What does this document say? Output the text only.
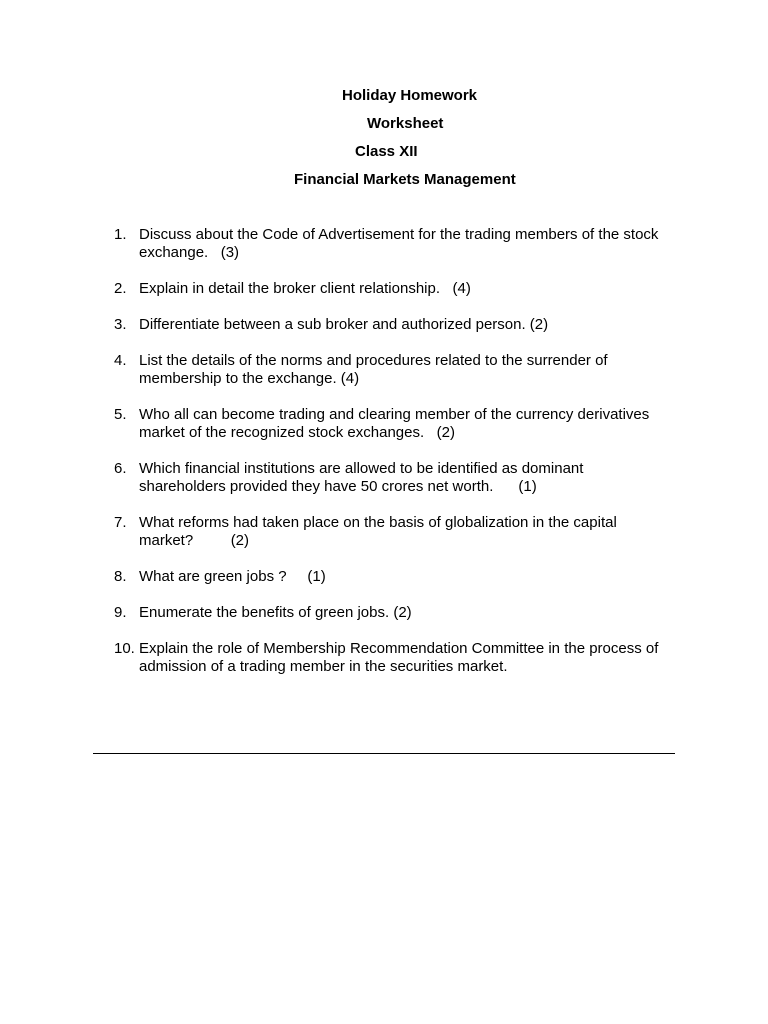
Holiday Homework
Worksheet
Class XII
Financial Markets Management
1. Discuss about the Code of Advertisement for the trading members of the stock exchange.   (3)
2. Explain in detail the broker client relationship.   (4)
3. Differentiate between a sub broker and authorized person. (2)
4. List the details of the norms and procedures related to the surrender of membership to the exchange. (4)
5. Who all can become trading and clearing member of the currency derivatives market of the recognized stock exchanges.   (2)
6. Which financial institutions are allowed to be identified as dominant shareholders provided they have 50 crores net worth.      (1)
7. What reforms had taken place on the basis of globalization in the capital market?         (2)
8. What are green jobs ?     (1)
9. Enumerate the benefits of green jobs. (2)
10. Explain the role of Membership Recommendation Committee in the process of admission of a trading member in the securities market.
